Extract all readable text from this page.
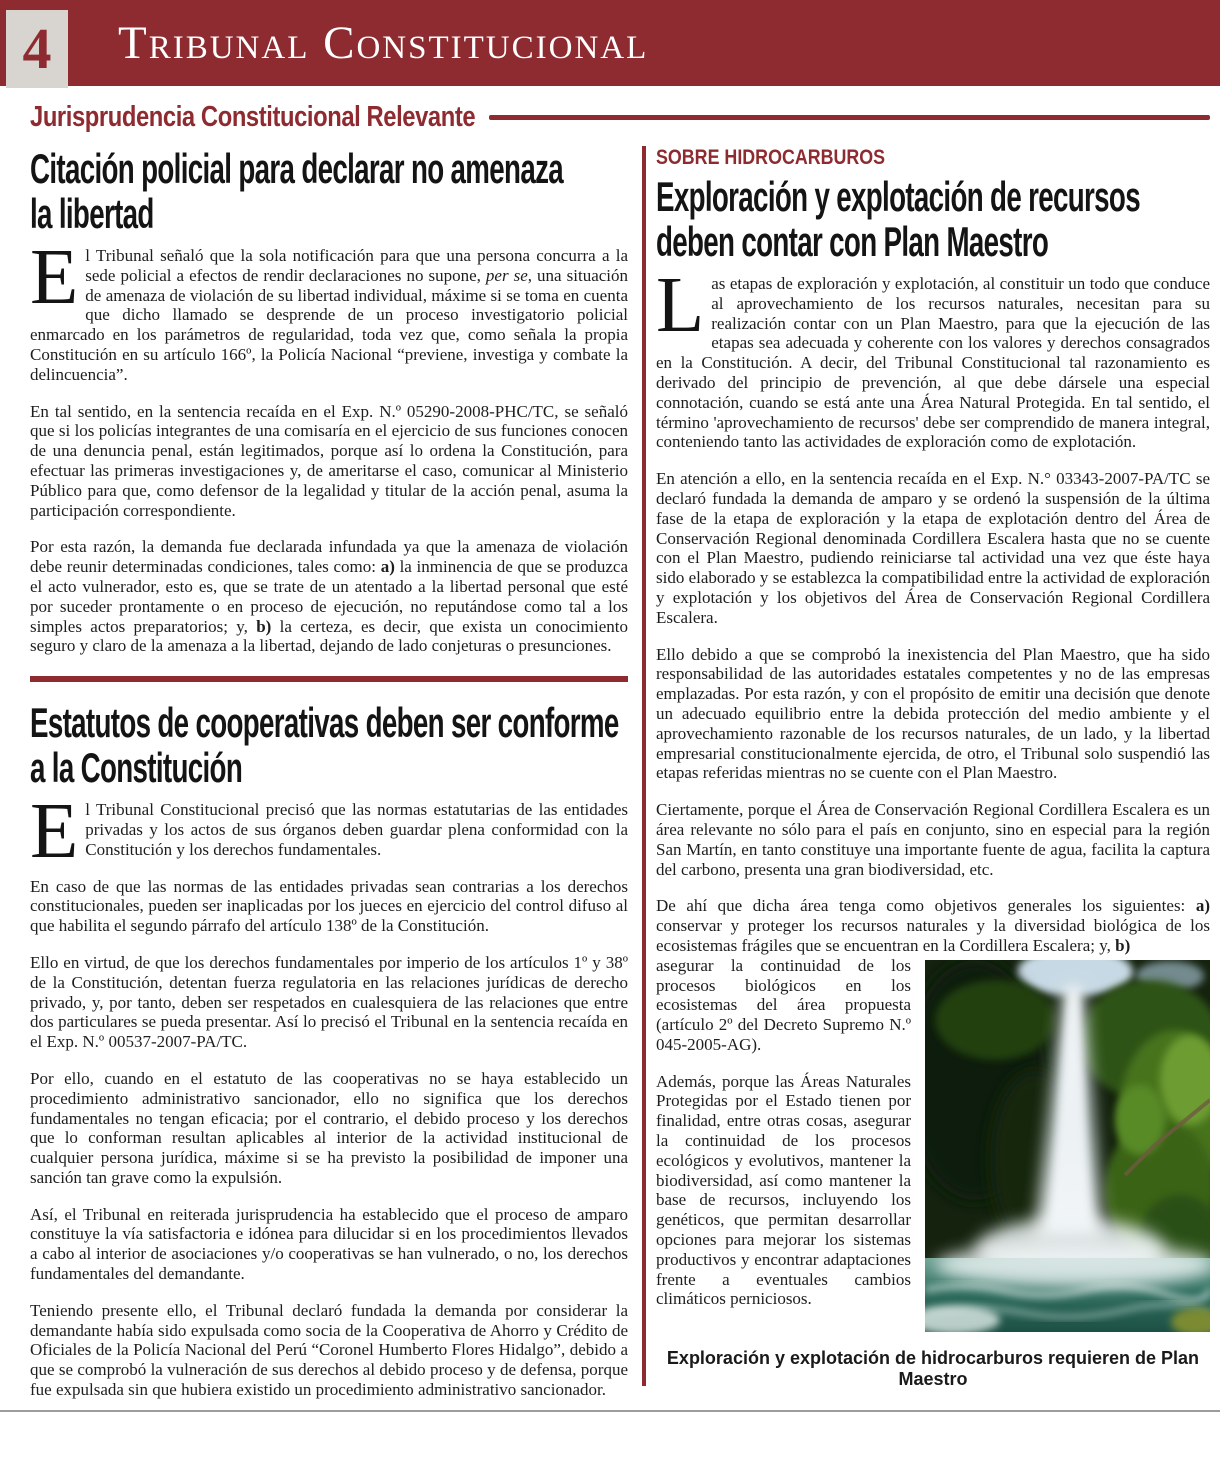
4 Tribunal Constitucional
Jurisprudencia Constitucional Relevante
Citación policial para declarar no amenaza
la libertad

El Tribunal señaló que la sola notificación para que una persona concurra a la sede policial a efectos de rendir declaraciones no supone, per se, una situación de amenaza de violación de su libertad individual, máxime si se toma en cuenta que dicho llamado se desprende de un proceso investigatorio policial enmarcado en los parámetros de regularidad, toda vez que, como señala la propia Constitución en su artículo 166º, la Policía Nacional “previene, investiga y combate la delincuencia”.

En tal sentido, en la sentencia recaída en el Exp. N.º 05290-2008-PHC/TC, se señaló que si los policías integrantes de una comisaría en el ejercicio de sus funciones conocen de una denuncia penal, están legitimados, porque así lo ordena la Constitución, para efectuar las primeras investigaciones y, de ameritarse el caso, comunicar al Ministerio Público para que, como defensor de la legalidad y titular de la acción penal, asuma la participación correspondiente.

Por esta razón, la demanda fue declarada infundada ya que la amenaza de violación debe reunir determinadas condiciones, tales como: a) la inminencia de que se produzca el acto vulnerador, esto es, que se trate de un atentado a la libertad personal que esté por suceder prontamente o en proceso de ejecución, no reputándose como tal a los simples actos preparatorios; y, b) la certeza, es decir, que exista un conocimiento seguro y claro de la amenaza a la libertad, dejando de lado conjeturas o presunciones.

Estatutos de cooperativas deben ser conforme
a la Constitución

El Tribunal Constitucional precisó que las normas estatutarias de las entidades privadas y los actos de sus órganos deben guardar plena conformidad con la Constitución y los derechos fundamentales.

En caso de que las normas de las entidades privadas sean contrarias a los derechos constitucionales, pueden ser inaplicadas por los jueces en ejercicio del control difuso al que habilita el segundo párrafo del artículo 138º de la Constitución.

Ello en virtud, de que los derechos fundamentales por imperio de los artículos 1º y 38º de la Constitución, detentan fuerza regulatoria en las relaciones jurídicas de derecho privado, y, por tanto, deben ser respetados en cualesquiera de las relaciones que entre dos particulares se pueda presentar. Así lo precisó el Tribunal en la sentencia recaída en el Exp. N.º 00537-2007-PA/TC.

Por ello, cuando en el estatuto de las cooperativas no se haya establecido un procedimiento administrativo sancionador, ello no significa que los derechos fundamentales no tengan eficacia; por el contrario, el debido proceso y los derechos que lo conforman resultan aplicables al interior de la actividad institucional de cualquier persona jurídica, máxime si se ha previsto la posibilidad de imponer una sanción tan grave como la expulsión.

Así, el Tribunal en reiterada jurisprudencia ha establecido que el proceso de amparo constituye la vía satisfactoria e idónea para dilucidar si en los procedimientos llevados a cabo al interior de asociaciones y/o cooperativas se han vulnerado, o no, los derechos fundamentales del demandante.

Teniendo presente ello, el Tribunal declaró fundada la demanda por considerar la demandante había sido expulsada como socia de la Cooperativa de Ahorro y Crédito de Oficiales de la Policía Nacional del Perú “Coronel Humberto Flores Hidalgo”, debido a que se comprobó la vulneración de sus derechos al debido proceso y de defensa, porque fue expulsada sin que hubiera existido un procedimiento administrativo sancionador.

SOBRE HIDROCARBUROS

Exploración y explotación de recursos
deben contar con Plan Maestro

Las etapas de exploración y explotación, al constituir un todo que conduce al aprovechamiento de los recursos naturales, necesitan para su realización contar con un Plan Maestro, para que la ejecución de las etapas sea adecuada y coherente con los valores y derechos consagrados en la Constitución. A decir, del Tribunal Constitucional tal razonamiento es derivado del principio de prevención, al que debe dársele una especial connotación, cuando se está ante una Área Natural Protegida. En tal sentido, el término 'aprovechamiento de recursos' debe ser comprendido de manera integral, conteniendo tanto las actividades de exploración como de explotación.

En atención a ello, en la sentencia recaída en el Exp. N.° 03343-2007-PA/TC se declaró fundada la demanda de amparo y se ordenó la suspensión de la última fase de la etapa de exploración y la etapa de explotación dentro del Área de Conservación Regional denominada Cordillera Escalera hasta que no se cuente con el Plan Maestro, pudiendo reiniciarse tal actividad una vez que éste haya sido elaborado y se establezca la compatibilidad entre la actividad de exploración y explotación y los objetivos del Área de Conservación Regional Cordillera Escalera.

Ello debido a que se comprobó la inexistencia del Plan Maestro, que ha sido responsabilidad de las autoridades estatales competentes y no de las empresas emplazadas. Por esta razón, y con el propósito de emitir una decisión que denote un adecuado equilibrio entre la debida protección del medio ambiente y el aprovechamiento razonable de los recursos naturales, de un lado, y la libertad empresarial constitucionalmente ejercida, de otro, el Tribunal solo suspendió las etapas referidas mientras no se cuente con el Plan Maestro.

Ciertamente, porque el Área de Conservación Regional Cordillera Escalera es un área relevante no sólo para el país en conjunto, sino en especial para la región San Martín, en tanto constituye una importante fuente de agua, facilita la captura del carbono, presenta una gran biodiversidad, etc.

De ahí que dicha área tenga como objetivos generales los siguientes: a) conservar y proteger los recursos naturales y la diversidad biológica de los ecosistemas frágiles que se encuentran en la Cordillera Escalera; y, b)

asegurar la continuidad de los procesos biológicos en los ecosistemas del área propuesta (artículo 2º del Decreto Supremo N.º 045-2005-AG).

Además, porque las Áreas Naturales Protegidas por el Estado tienen por finalidad, entre otras cosas, asegurar la continuidad de los procesos ecológicos y evolutivos, mantener la biodiversidad, así como mantener la base de recursos, incluyendo los genéticos, que permitan desarrollar opciones para mejorar los sistemas productivos y encontrar adaptaciones frente a eventuales cambios climáticos perniciosos.

Exploración y explotación de hidrocarburos requieren de Plan Maestro
